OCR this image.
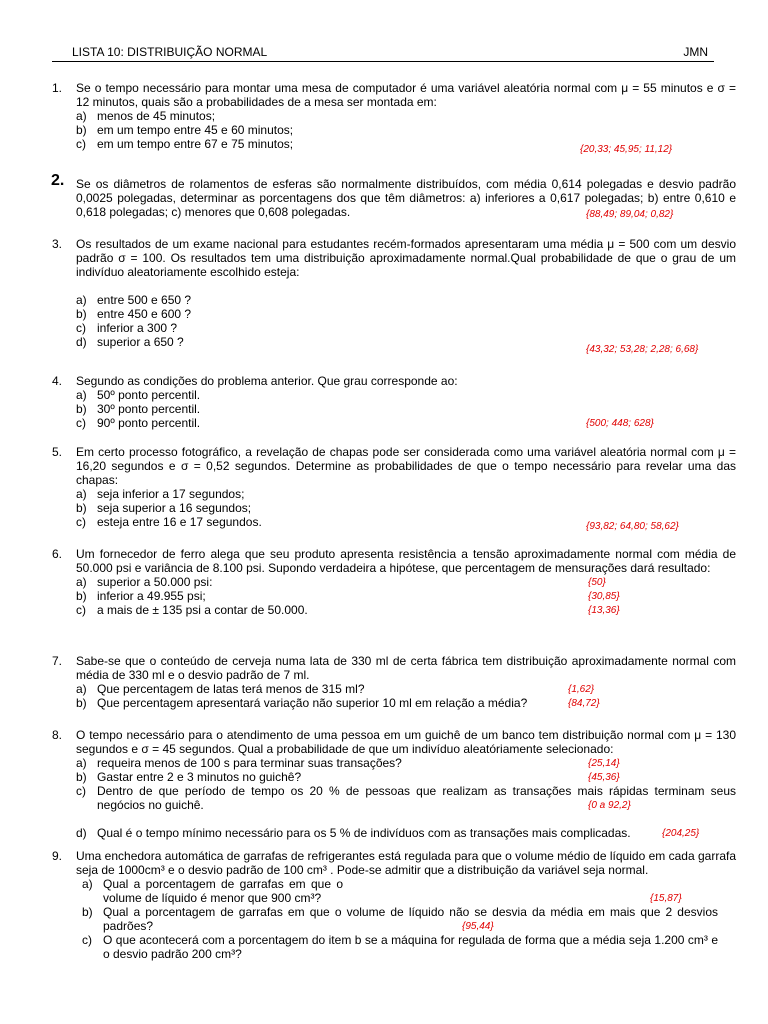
LISTA 10: DISTRIBUIÇÃO NORMAL	JMN
1. Se o tempo necessário para montar uma mesa de computador é uma variável aleatória normal com μ = 55 minutos e σ = 12 minutos, quais são a probabilidades de a mesa ser montada em:
a) menos de 45 minutos;
b) em um tempo entre 45 e 60 minutos;
c) em um tempo entre 67 e 75 minutos;	{20,33; 45,95; 11,12}
2. Se os diâmetros de rolamentos de esferas são normalmente distribuídos, com média 0,614 polegadas e desvio padrão 0,0025 polegadas, determinar as porcentagens dos que têm diâmetros: a) inferiores a 0,617 polegadas; b) entre 0,610 e 0,618 polegadas; c) menores que 0,608 polegadas.	{88,49; 89,04; 0,82}
3. Os resultados de um exame nacional para estudantes recém-formados apresentaram uma média μ = 500 com um desvio padrão σ = 100. Os resultados tem uma distribuição aproximadamente normal.Qual probabilidade de que o grau de um indivíduo aleatoriamente escolhido esteja:
a) entre 500 e 650 ?
b) entre 450 e 600 ?
c) inferior a 300 ?
d) superior a 650 ?
{43,32; 53,28; 2,28; 6,68}
4. Segundo as condições do problema anterior. Que grau corresponde ao:
a) 50º ponto percentil.
b) 30º ponto percentil.
c) 90º ponto percentil.	{500; 448; 628}
5. Em certo processo fotográfico, a revelação de chapas pode ser considerada como uma variável aleatória normal com μ = 16,20 segundos e σ = 0,52 segundos. Determine as probabilidades de que o tempo necessário para revelar uma das chapas:
a) seja inferior a 17 segundos;
b) seja superior a 16 segundos;
c) esteja entre 16 e 17 segundos.	{93,82; 64,80; 58,62}
6. Um fornecedor de ferro alega que seu produto apresenta resistência a tensão aproximadamente normal com média de 50.000 psi e variância de 8.100 psi. Supondo verdadeira a hipótese, que percentagem de mensurações dará resultado:
a) superior a 50.000 psi:	{50}
b) inferior a 49.955 psi;	{30,85}
c) a mais de ± 135 psi a contar de 50.000.	{13,36}
7. Sabe-se que o conteúdo de cerveja numa lata de 330 ml de certa fábrica tem distribuição aproximadamente normal com média de 330 ml e o desvio padrão de 7 ml.
a) Que percentagem de latas terá menos de 315 ml?	{1,62}
b) Que percentagem apresentará variação não superior 10 ml em relação a média?	{84,72}
8. O tempo necessário para o atendimento de uma pessoa em um guichê de um banco tem distribuição normal com μ = 130 segundos e σ = 45 segundos. Qual a probabilidade de que um indivíduo aleatóriamente selecionado:
a) requeira menos de 100 s para terminar suas transações?	{25,14}
b) Gastar entre 2 e 3 minutos no guichê?	{45,36}
c) Dentro de que período de tempo os 20 % de pessoas que realizam as transações mais rápidas terminam seus negócios no guichê.	{0 a 92,2}
d) Qual é o tempo mínimo necessário para os 5 % de indivíduos com as transações mais complicadas.	{204,25}
9. Uma enchedora automática de garrafas de refrigerantes está regulada para que o volume médio de líquido em cada garrafa seja de 1000cm³ e o desvio padrão de 100 cm³ . Pode-se admitir que a distribuição da variável seja normal.
a) Qual a porcentagem de garrafas em que o volume de líquido é menor que 900 cm³?	{15,87}
b) Qual a porcentagem de garrafas em que o volume de líquido não se desvia da média em mais que 2 desvios padrões?	{95,44}
c) O que acontecerá com a porcentagem do item b se a máquina for regulada de forma que a média seja 1.200 cm³ e o desvio padrão 200 cm³?
